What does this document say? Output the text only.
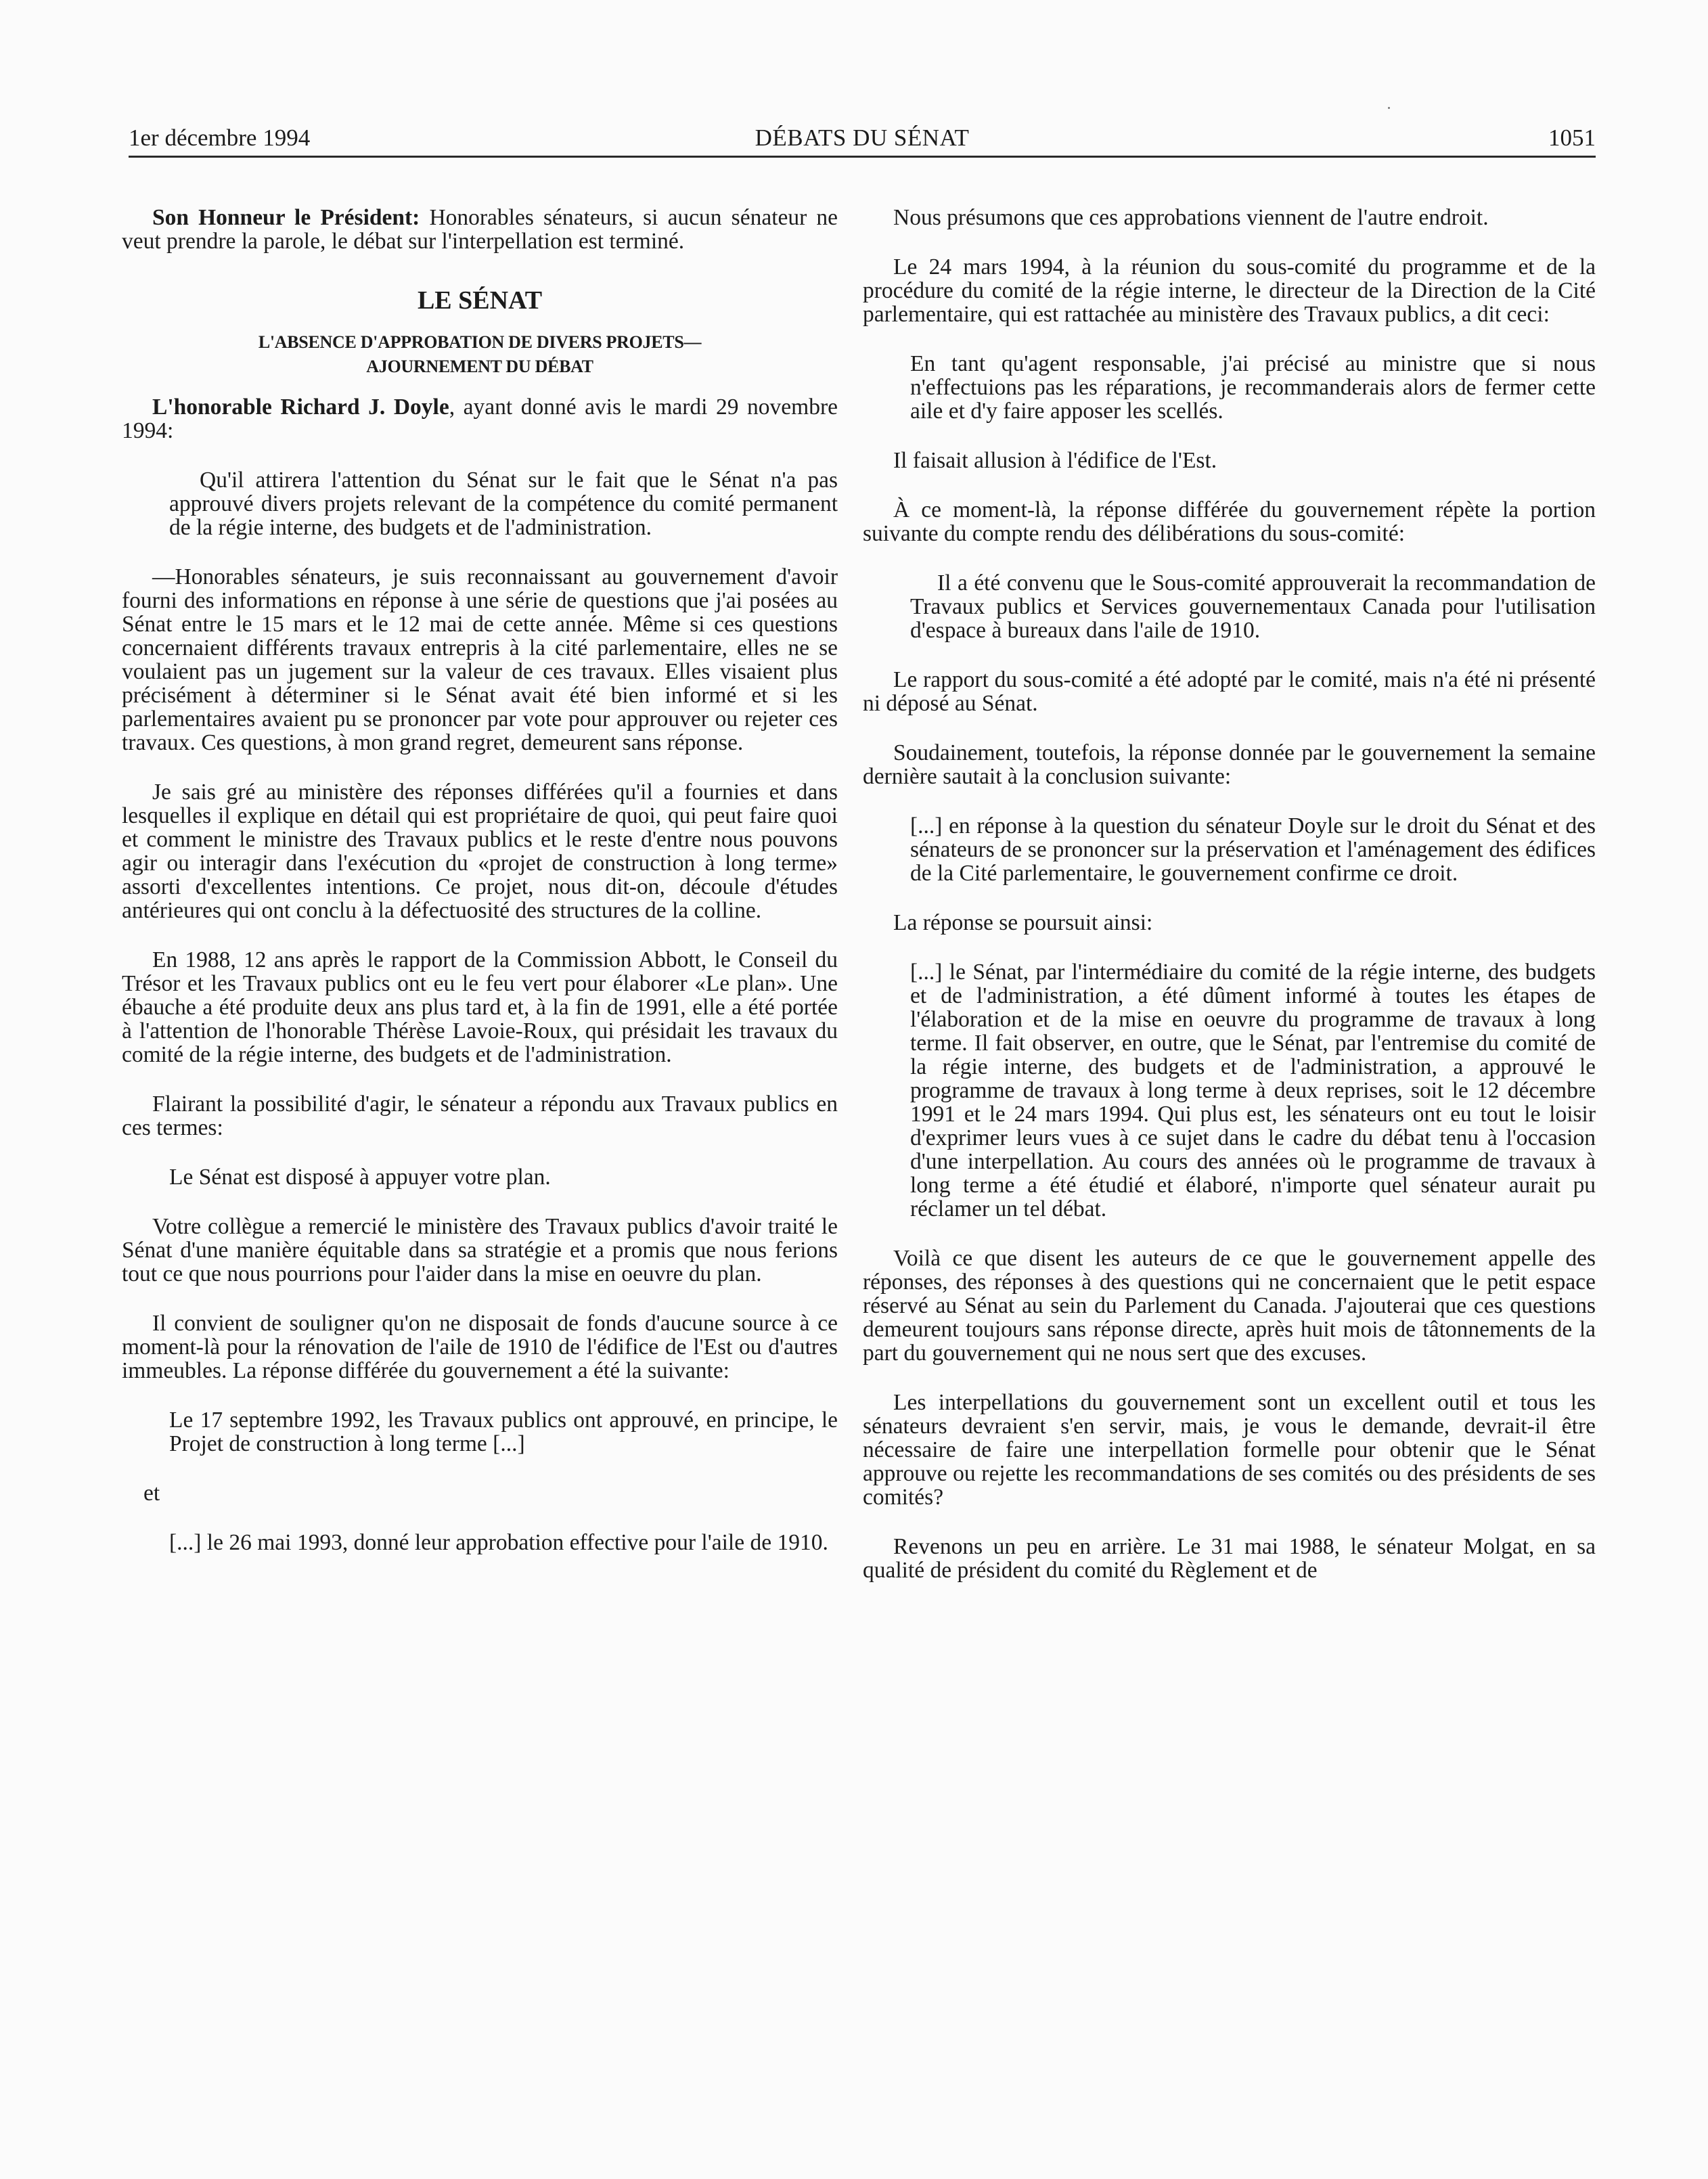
1er décembre 1994	DÉBATS DU SÉNAT	1051

Son Honneur le Président: Honorables sénateurs, si aucun sénateur ne veut prendre la parole, le débat sur l'interpellation est terminé.

LE SÉNAT

L'ABSENCE D'APPROBATION DE DIVERS PROJETS—
AJOURNEMENT DU DÉBAT

L'honorable Richard J. Doyle, ayant donné avis le mardi 29 novembre 1994:

Qu'il attirera l'attention du Sénat sur le fait que le Sénat n'a pas approuvé divers projets relevant de la compétence du comité permanent de la régie interne, des budgets et de l'administration.

—Honorables sénateurs, je suis reconnaissant au gouvernement d'avoir fourni des informations en réponse à une série de questions que j'ai posées au Sénat entre le 15 mars et le 12 mai de cette année. Même si ces questions concernaient différents travaux entrepris à la cité parlementaire, elles ne se voulaient pas un jugement sur la valeur de ces travaux. Elles visaient plus précisément à déterminer si le Sénat avait été bien informé et si les parlementaires avaient pu se prononcer par vote pour approuver ou rejeter ces travaux. Ces questions, à mon grand regret, demeurent sans réponse.

Je sais gré au ministère des réponses différées qu'il a fournies et dans lesquelles il explique en détail qui est propriétaire de quoi, qui peut faire quoi et comment le ministre des Travaux publics et le reste d'entre nous pouvons agir ou interagir dans l'exécution du «projet de construction à long terme» assorti d'excellentes intentions. Ce projet, nous dit-on, découle d'études antérieures qui ont conclu à la défectuosité des structures de la colline.

En 1988, 12 ans après le rapport de la Commission Abbott, le Conseil du Trésor et les Travaux publics ont eu le feu vert pour élaborer «Le plan». Une ébauche a été produite deux ans plus tard et, à la fin de 1991, elle a été portée à l'attention de l'honorable Thérèse Lavoie-Roux, qui présidait les travaux du comité de la régie interne, des budgets et de l'administration.

Flairant la possibilité d'agir, le sénateur a répondu aux Travaux publics en ces termes:

Le Sénat est disposé à appuyer votre plan.

Votre collègue a remercié le ministère des Travaux publics d'avoir traité le Sénat d'une manière équitable dans sa stratégie et a promis que nous ferions tout ce que nous pourrions pour l'aider dans la mise en oeuvre du plan.

Il convient de souligner qu'on ne disposait de fonds d'aucune source à ce moment-là pour la rénovation de l'aile de 1910 de l'édifice de l'Est ou d'autres immeubles. La réponse différée du gouvernement a été la suivante:

Le 17 septembre 1992, les Travaux publics ont approuvé, en principe, le Projet de construction à long terme [...]

et

[...] le 26 mai 1993, donné leur approbation effective pour l'aile de 1910.

Nous présumons que ces approbations viennent de l'autre endroit.

Le 24 mars 1994, à la réunion du sous-comité du programme et de la procédure du comité de la régie interne, le directeur de la Direction de la Cité parlementaire, qui est rattachée au ministère des Travaux publics, a dit ceci:

En tant qu'agent responsable, j'ai précisé au ministre que si nous n'effectuions pas les réparations, je recommanderais alors de fermer cette aile et d'y faire apposer les scellés.

Il faisait allusion à l'édifice de l'Est.

À ce moment-là, la réponse différée du gouvernement répète la portion suivante du compte rendu des délibérations du sous-comité:

Il a été convenu que le Sous-comité approuverait la recommandation de Travaux publics et Services gouvernementaux Canada pour l'utilisation d'espace à bureaux dans l'aile de 1910.

Le rapport du sous-comité a été adopté par le comité, mais n'a été ni présenté ni déposé au Sénat.

Soudainement, toutefois, la réponse donnée par le gouvernement la semaine dernière sautait à la conclusion suivante:

[...] en réponse à la question du sénateur Doyle sur le droit du Sénat et des sénateurs de se prononcer sur la préservation et l'aménagement des édifices de la Cité parlementaire, le gouvernement confirme ce droit.

La réponse se poursuit ainsi:

[...] le Sénat, par l'intermédiaire du comité de la régie interne, des budgets et de l'administration, a été dûment informé à toutes les étapes de l'élaboration et de la mise en oeuvre du programme de travaux à long terme. Il fait observer, en outre, que le Sénat, par l'entremise du comité de la régie interne, des budgets et de l'administration, a approuvé le programme de travaux à long terme à deux reprises, soit le 12 décembre 1991 et le 24 mars 1994. Qui plus est, les sénateurs ont eu tout le loisir d'exprimer leurs vues à ce sujet dans le cadre du débat tenu à l'occasion d'une interpellation. Au cours des années où le programme de travaux à long terme a été étudié et élaboré, n'importe quel sénateur aurait pu réclamer un tel débat.

Voilà ce que disent les auteurs de ce que le gouvernement appelle des réponses, des réponses à des questions qui ne concernaient que le petit espace réservé au Sénat au sein du Parlement du Canada. J'ajouterai que ces questions demeurent toujours sans réponse directe, après huit mois de tâtonnements de la part du gouvernement qui ne nous sert que des excuses.

Les interpellations du gouvernement sont un excellent outil et tous les sénateurs devraient s'en servir, mais, je vous le demande, devrait-il être nécessaire de faire une interpellation formelle pour obtenir que le Sénat approuve ou rejette les recommandations de ses comités ou des présidents de ses comités?

Revenons un peu en arrière. Le 31 mai 1988, le sénateur Molgat, en sa qualité de président du comité du Règlement et de
